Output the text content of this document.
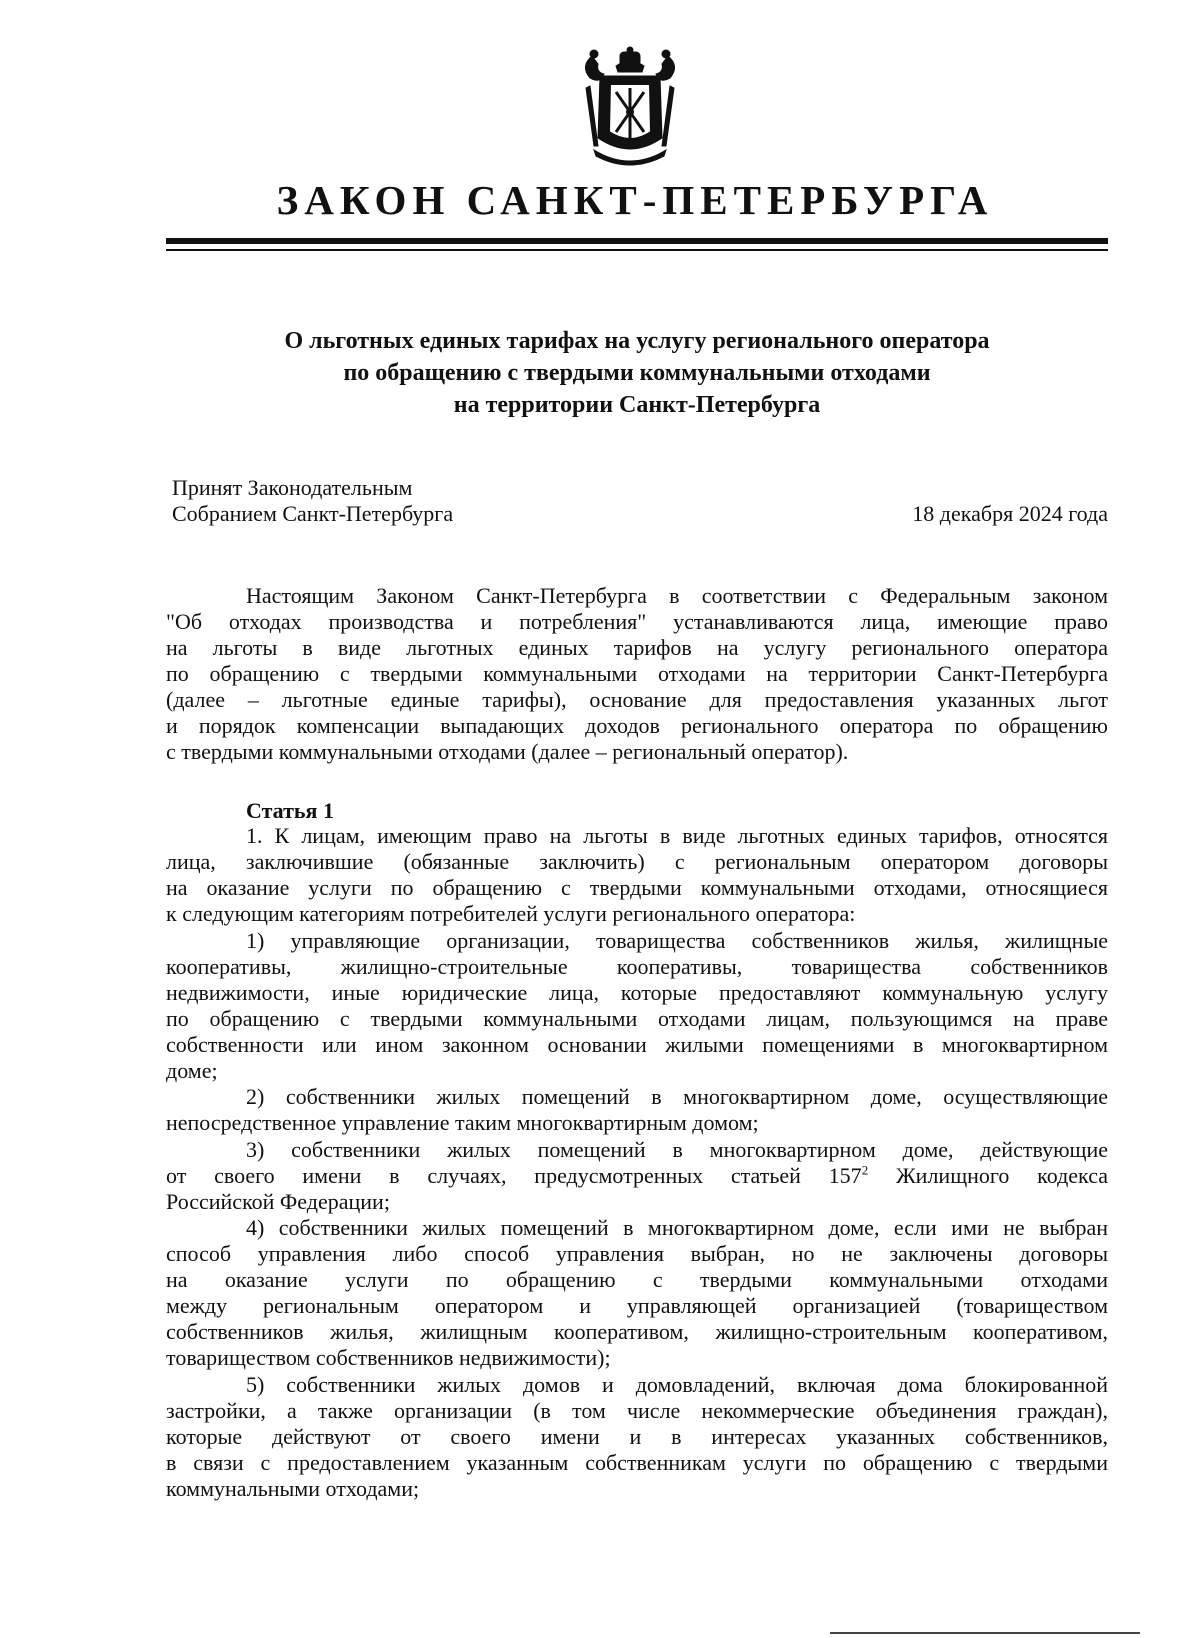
ЗАКОН САНКТ-ПЕТЕРБУРГА
О льготных единых тарифах на услугу регионального оператора
по обращению с твердыми коммунальными отходами
на территории Санкт-Петербурга
Принят Законодательным
Собранием Санкт-Петербурга	18 декабря 2024 года
Настоящим Законом Санкт-Петербурга в соответствии с Федеральным законом
"Об отходах производства и потребления" устанавливаются лица, имеющие право
на льготы в виде льготных единых тарифов на услугу регионального оператора
по обращению с твердыми коммунальными отходами на территории Санкт-Петербурга
(далее – льготные единые тарифы), основание для предоставления указанных льгот
и порядок компенсации выпадающих доходов регионального оператора по обращению
с твердыми коммунальными отходами (далее – региональный оператор).
Статья 1
1. К лицам, имеющим право на льготы в виде льготных единых тарифов, относятся
лица, заключившие (обязанные заключить) с региональным оператором договоры
на оказание услуги по обращению с твердыми коммунальными отходами, относящиеся
к следующим категориям потребителей услуги регионального оператора:
1) управляющие организации, товарищества собственников жилья, жилищные
кооперативы, жилищно-строительные кооперативы, товарищества собственников
недвижимости, иные юридические лица, которые предоставляют коммунальную услугу
по обращению с твердыми коммунальными отходами лицам, пользующимся на праве
собственности или ином законном основании жилыми помещениями в многоквартирном
доме;
2) собственники жилых помещений в многоквартирном доме, осуществляющие
непосредственное управление таким многоквартирным домом;
3) собственники жилых помещений в многоквартирном доме, действующие
от своего имени в случаях, предусмотренных статьей $157^2$ Жилищного кодекса
Российской Федерации;
4) собственники жилых помещений в многоквартирном доме, если ими не выбран
способ управления либо способ управления выбран, но не заключены договоры
на оказание услуги по обращению с твердыми коммунальными отходами
между региональным оператором и управляющей организацией (товариществом
собственников жилья, жилищным кооперативом, жилищно-строительным кооперативом,
товариществом собственников недвижимости);
5) собственники жилых домов и домовладений, включая дома блокированной
застройки, а также организации (в том числе некоммерческие объединения граждан),
которые действуют от своего имени и в интересах указанных собственников,
в связи с предоставлением указанным собственникам услуги по обращению с твердыми
коммунальными отходами;
